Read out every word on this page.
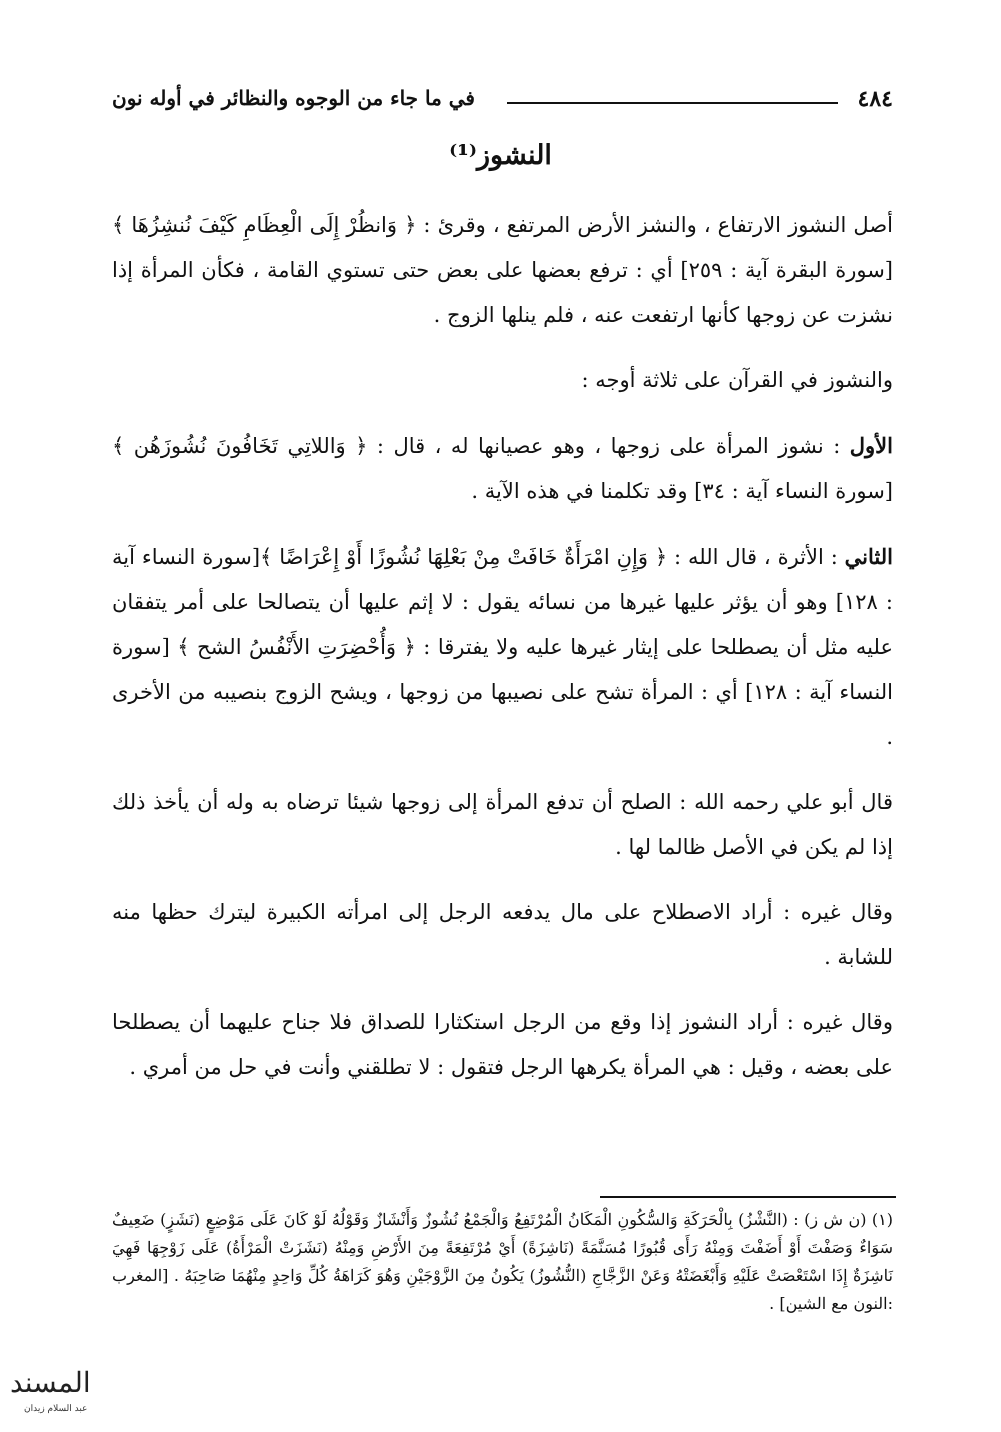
٤٨٤
في ما جاء من الوجوه والنظائر في أوله نون
النشوز⁽¹⁾

أصل النشوز الارتفاع ، والنشز الأرض المرتفع ، وقرئ : ﴿ وَانظُرْ إِلَى الْعِظَامِ كَيْفَ نُنشِزُهَا ﴾[سورة البقرة آية : ٢٥٩] أي : ترفع بعضها على بعض حتى تستوي القامة ، فكأن المرأة إذا نشزت عن زوجها كأنها ارتفعت عنه ، فلم ينلها الزوج .

والنشوز في القرآن على ثلاثة أوجه :

الأول : نشوز المرأة على زوجها ، وهو عصيانها له ، قال : ﴿ وَاللاتِي تَخَافُونَ نُشُوزَهُن ﴾[سورة النساء آية : ٣٤] وقد تكلمنا في هذه الآية .

الثاني : الأثرة ، قال الله : ﴿ وَإِنِ امْرَأَةٌ خَافَتْ مِنْ بَعْلِهَا نُشُوزًا أَوْ إِعْرَاضًا ﴾[سورة النساء آية : ١٢٨] وهو أن يؤثر عليها غيرها من نسائه يقول : لا إثم عليها أن يتصالحا على أمر يتفقان عليه مثل أن يصطلحا على إيثار غيرها عليه ولا يفترقا : ﴿ وَأُحْضِرَتِ الأَنْفُسُ الشح ﴾ [سورة النساء آية : ١٢٨] أي : المرأة تشح على نصيبها من زوجها ، ويشح الزوج بنصيبه من الأخرى .

قال أبو علي رحمه الله : الصلح أن تدفع المرأة إلى زوجها شيئا ترضاه به وله أن يأخذ ذلك إذا لم يكن في الأصل ظالما لها .

وقال غيره : أراد الاصطلاح على مال يدفعه الرجل إلى امرأته الكبيرة ليترك حظها منه للشابة .

وقال غيره : أراد النشوز إذا وقع من الرجل استكثارا للصداق فلا جناح عليهما أن يصطلحا على بعضه ، وقيل : هي المرأة يكرهها الرجل فتقول : لا تطلقني وأنت في حل من أمري .

(١) (ن ش ز) : (النَّشْزُ) بِالْحَرَكَةِ وَالسُّكُونِ الْمَكَانُ الْمُرْتَفِعُ وَالْجَمْعُ نُشُوزٌ وَأَنْشَازٌ وَقَوْلُهُ لَوْ كَانَ عَلَى مَوْضِعٍ (نَشَزٍ) ضَعِيفٌ سَوَاءٌ وَصَفْتَ أَوْ أَضَفْتَ وَمِنْهُ رَأَى قُبُورًا مُسَنَّمَةً (نَاشِزَةً) أَيْ مُرْتَفِعَةً مِنَ الأَرْضِ وَمِنْهُ (نَشَزَتْ الْمَرْأَةُ) عَلَى زَوْجِهَا فَهِيَ نَاشِزَةٌ إِذَا اسْتَعْصَتْ عَلَيْهِ وَأَبْغَضَتْهُ وَعَنْ الزَّجَّاجِ (النُّشُوزُ) يَكُونُ مِنَ الزَّوْجَيْنِ وَهُوَ كَرَاهَةُ كُلِّ وَاحِدٍ مِنْهُمَا صَاحِبَهُ . [المغرب :النون مع الشين] .
المسند
عبد السلام زيدان
